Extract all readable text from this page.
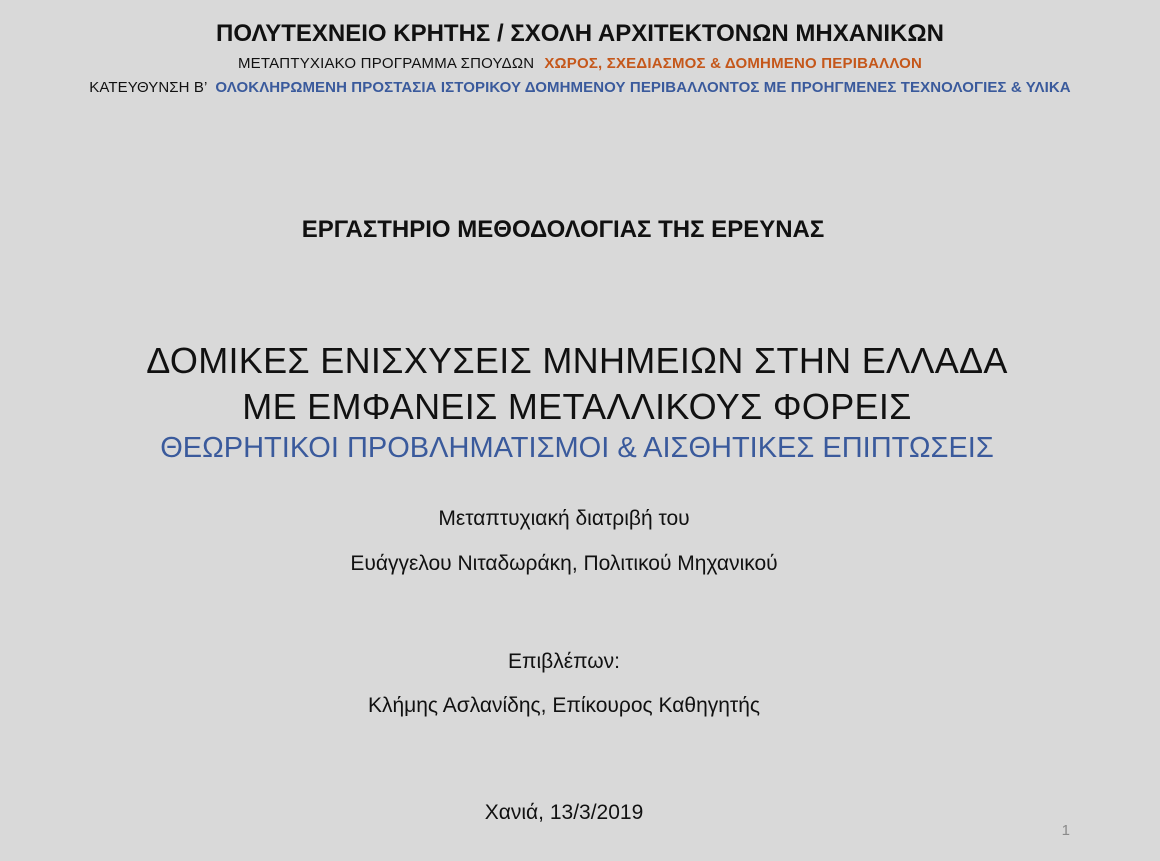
ΠΟΛΥΤΕΧΝΕΙΟ ΚΡΗΤΗΣ / ΣΧΟΛΗ ΑΡΧΙΤΕΚΤΟΝΩΝ ΜΗΧΑΝΙΚΩΝ
ΜΕΤΑΠΤΥΧΙΑΚΟ ΠΡΟΓΡΑΜΜΑ ΣΠΟΥΔΩΝ ΧΩΡΟΣ, ΣΧΕΔΙΑΣΜΟΣ & ΔΟΜΗΜΕΝΟ ΠΕΡΙΒΑΛΛΟΝ
ΚΑΤΕΥΘΥΝΣΗ Β’ ΟΛΟΚΛΗΡΩΜΕΝΗ ΠΡΟΣΤΑΣΙΑ ΙΣΤΟΡΙΚΟΥ ΔΟΜΗΜΕΝΟΥ ΠΕΡΙΒΑΛΛΟΝΤΟΣ ΜΕ ΠΡΟΗΓΜΕΝΕΣ ΤΕΧΝΟΛΟΓΙΕΣ & ΥΛΙΚΑ
ΕΡΓΑΣΤΗΡΙΟ ΜΕΘΟΔΟΛΟΓΙΑΣ ΤΗΣ ΕΡΕΥΝΑΣ
ΔΟΜΙΚΕΣ ΕΝΙΣΧΥΣΕΙΣ ΜΝΗΜΕΙΩΝ ΣΤΗΝ ΕΛΛΑΔΑ
ΜΕ ΕΜΦΑΝΕΙΣ ΜΕΤΑΛΛΙΚΟΥΣ ΦΟΡΕΙΣ
ΘΕΩΡΗΤΙΚΟΙ ΠΡΟΒΛΗΜΑΤΙΣΜΟΙ & ΑΙΣΘΗΤΙΚΕΣ ΕΠΙΠΤΩΣΕΙΣ
Μεταπτυχιακή διατριβή του
Ευάγγελου Νιταδωράκη, Πολιτικού Μηχανικού
Επιβλέπων:
Κλήμης Ασλανίδης, Επίκουρος Καθηγητής
Χανιά, 13/3/2019
1
